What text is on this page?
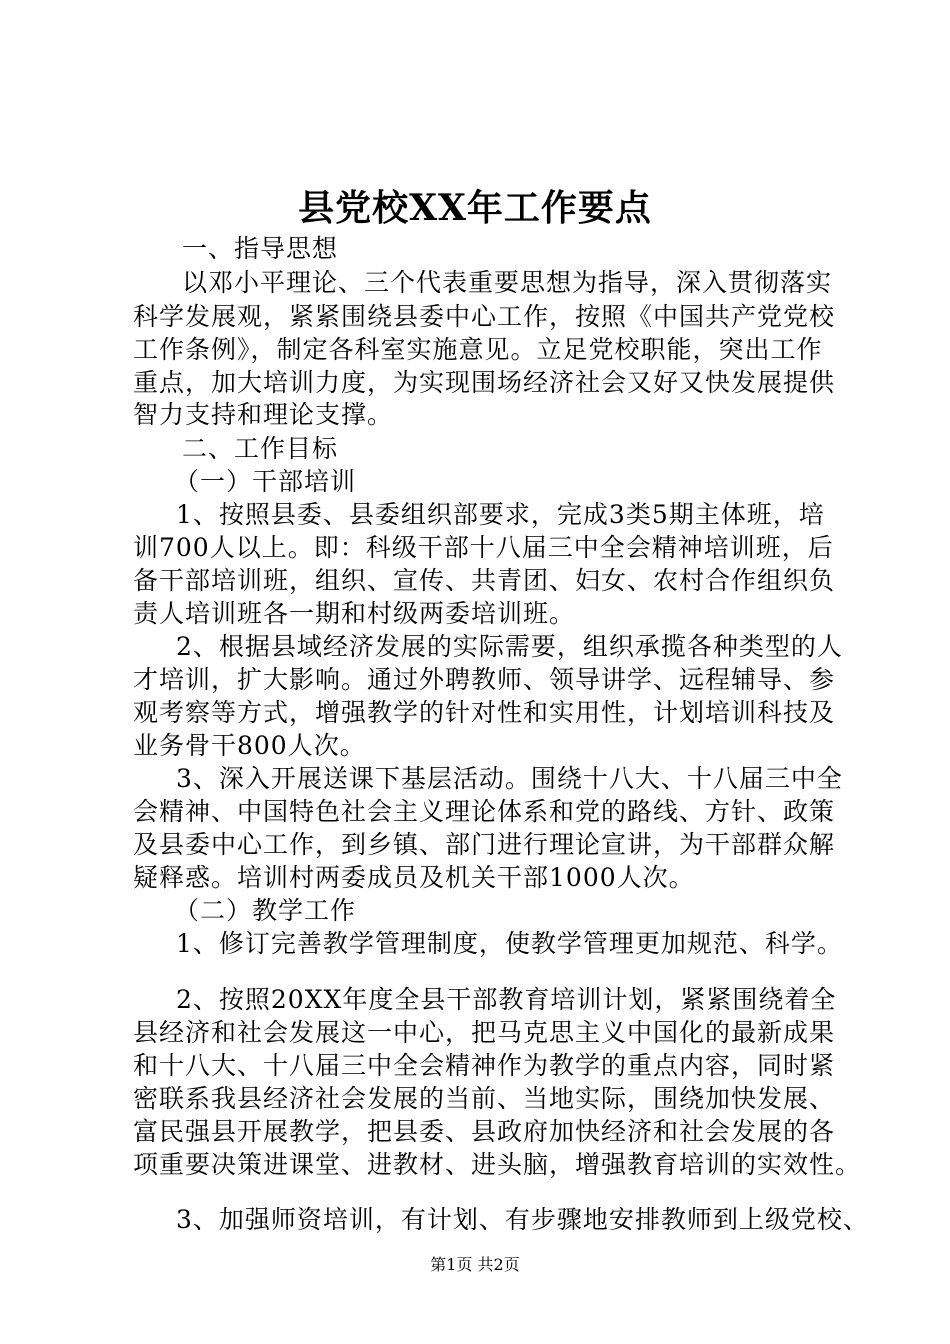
县党校XX年工作要点
一、指导思想
以邓小平理论、三个代表重要思想为指导，深入贯彻落实
科学发展观，紧紧围绕县委中心工作，按照《中国共产党党校
工作条例》，制定各科室实施意见。立足党校职能，突出工作
重点，加大培训力度，为实现围场经济社会又好又快发展提供
智力支持和理论支撑。
二、工作目标
（一）干部培训
1、按照县委、县委组织部要求，完成3类5期主体班，培
训700人以上。即：科级干部十八届三中全会精神培训班，后
备干部培训班，组织、宣传、共青团、妇女、农村合作组织负
责人培训班各一期和村级两委培训班。
2、根据县域经济发展的实际需要，组织承揽各种类型的人
才培训，扩大影响。通过外聘教师、领导讲学、远程辅导、参
观考察等方式，增强教学的针对性和实用性，计划培训科技及
业务骨干800人次。
3、深入开展送课下基层活动。围绕十八大、十八届三中全
会精神、中国特色社会主义理论体系和党的路线、方针、政策
及县委中心工作，到乡镇、部门进行理论宣讲，为干部群众解
疑释惑。培训村两委成员及机关干部1000人次。
（二）教学工作
1、修订完善教学管理制度，使教学管理更加规范、科学。
2、按照20XX年度全县干部教育培训计划，紧紧围绕着全
县经济和社会发展这一中心，把马克思主义中国化的最新成果
和十八大、十八届三中全会精神作为教学的重点内容，同时紧
密联系我县经济社会发展的当前、当地实际，围绕加快发展、
富民强县开展教学，把县委、县政府加快经济和社会发展的各
项重要决策进课堂、进教材、进头脑，增强教育培训的实效性。
3、加强师资培训，有计划、有步骤地安排教师到上级党校、
第1页 共2页
